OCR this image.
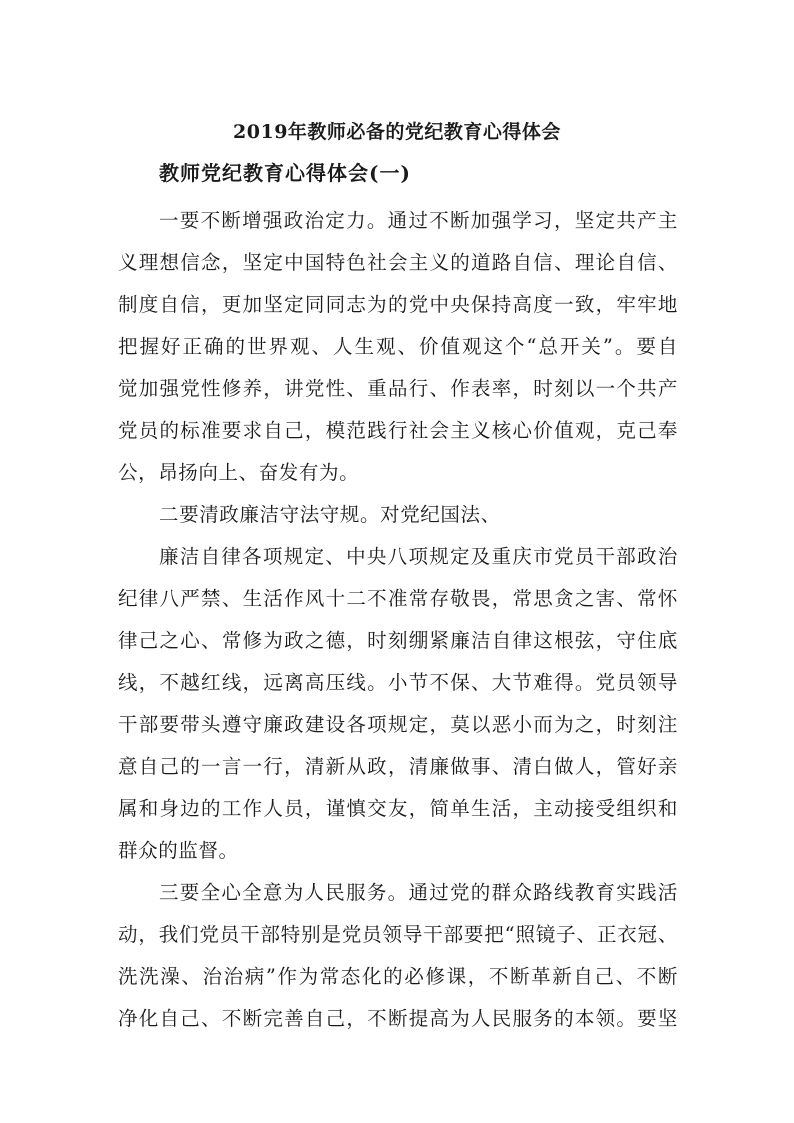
2019年教师必备的党纪教育心得体会
教师党纪教育心得体会(一)
一要不断增强政治定力。通过不断加强学习，坚定共产主
义理想信念，坚定中国特色社会主义的道路自信、理论自信、
制度自信，更加坚定同同志为的党中央保持高度一致，牢牢地
把握好正确的世界观、人生观、价值观这个“总开关”。要自
觉加强党性修养，讲党性、重品行、作表率，时刻以一个共产
党员的标准要求自己，模范践行社会主义核心价值观，克己奉
公，昂扬向上、奋发有为。
二要清政廉洁守法守规。对党纪国法、
廉洁自律各项规定、中央八项规定及重庆市党员干部政治
纪律八严禁、生活作风十二不准常存敬畏，常思贪之害、常怀
律己之心、常修为政之德，时刻绷紧廉洁自律这根弦，守住底
线，不越红线，远离高压线。小节不保、大节难得。党员领导
干部要带头遵守廉政建设各项规定，莫以恶小而为之，时刻注
意自己的一言一行，清新从政，清廉做事、清白做人，管好亲
属和身边的工作人员，谨慎交友，简单生活，主动接受组织和
群众的监督。
三要全心全意为人民服务。通过党的群众路线教育实践活
动，我们党员干部特别是党员领导干部要把“照镜子、正衣冠、
洗洗澡、治治病”作为常态化的必修课，不断革新自己、不断
净化自己、不断完善自己，不断提高为人民服务的本领。要坚
